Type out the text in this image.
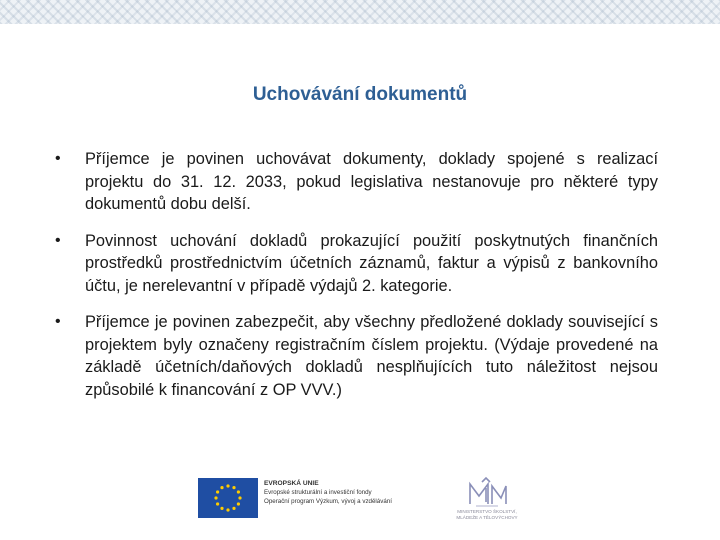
Uchovávání dokumentů
• Příjemce je povinen uchovávat dokumenty, doklady spojené s realizací projektu do 31. 12. 2033, pokud legislativa nestanovuje pro některé typy dokumentů dobu delší.
• Povinnost uchování dokladů prokazující použití poskytnutých finančních prostředků prostřednictvím účetních záznamů, faktur a výpisů z bankovního účtu, je nerelevantní v případě výdajů 2. kategorie.
• Příjemce je povinen zabezpečit, aby všechny předložené doklady související s projektem byly označeny registračním číslem projektu. (Výdaje provedené na základě účetních/daňových dokladů nesplňujících tuto náležitost nejsou způsobilé k financování z OP VVV.)
EVROPSKÁ UNIE
Evropské strukturální a investiční fondy
Operační program Výzkum, vývoj a vzdělávání
MINISTERSTVO ŠKOLSTVÍ,
MLÁDEŽE A TĚLOVÝCHOVY
